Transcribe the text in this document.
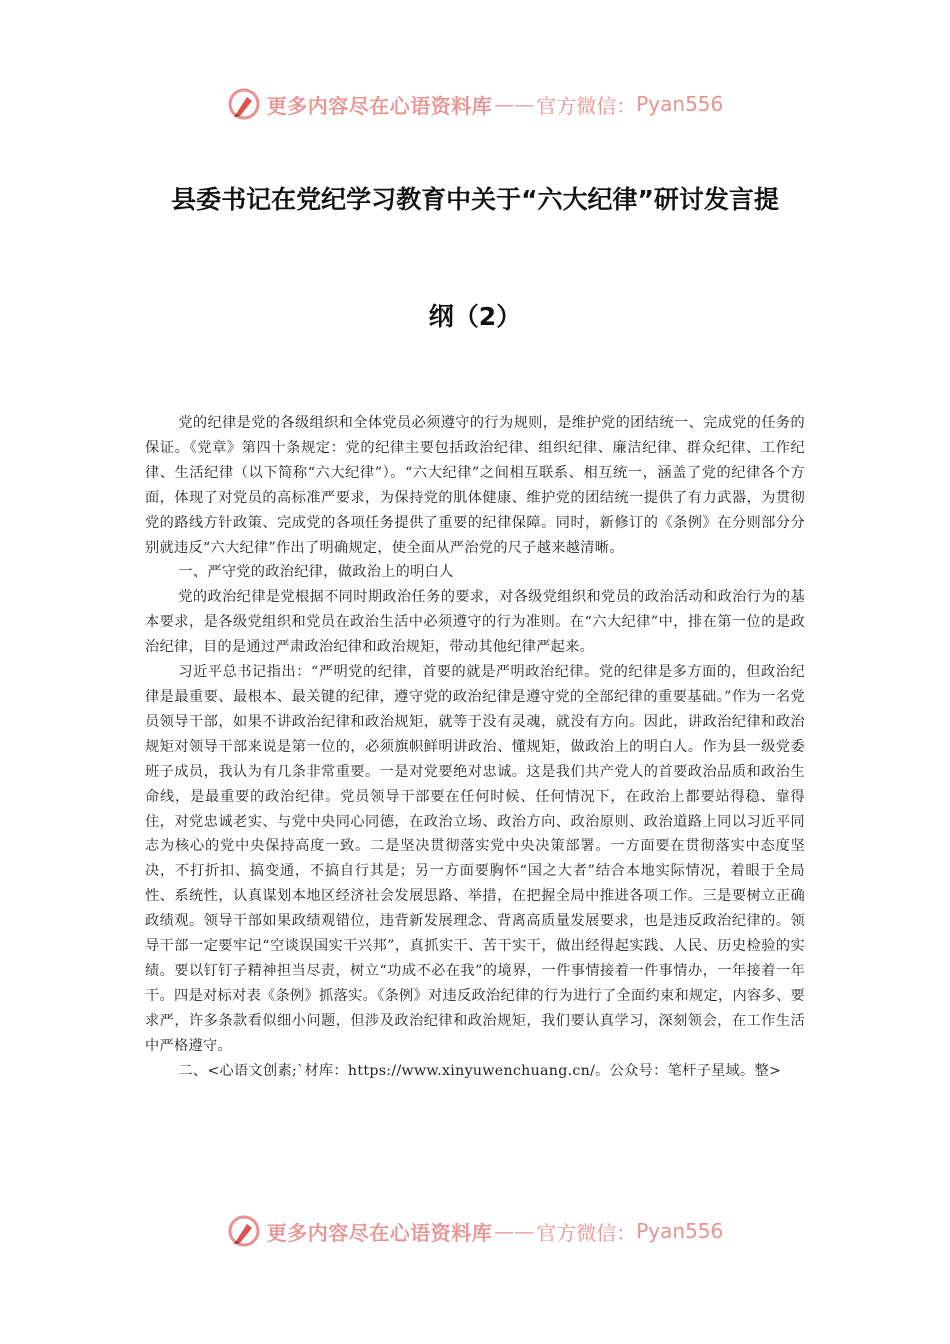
更多内容尽在心语资料库 —— 官方微信： Pyan556
县委书记在党纪学习教育中关于“六大纪律”研讨发言提
纲（2）

党的纪律是党的各级组织和全体党员必须遵守的行为规则，是维护党的团结统一、完成党的任务的保证。《党章》第四十条规定：党的纪律主要包括政治纪律、组织纪律、廉洁纪律、群众纪律、工作纪律、生活纪律（以下简称“六大纪律”）。“六大纪律”之间相互联系、相互统一，涵盖了党的纪律各个方面，体现了对党员的高标准严要求，为保持党的肌体健康、维护党的团结统一提供了有力武器，为贯彻党的路线方针政策、完成党的各项任务提供了重要的纪律保障。同时，新修订的《条例》在分则部分分别就违反“六大纪律”作出了明确规定，使全面从严治党的尺子越来越清晰。

一、严守党的政治纪律，做政治上的明白人

党的政治纪律是党根据不同时期政治任务的要求，对各级党组织和党员的政治活动和政治行为的基本要求，是各级党组织和党员在政治生活中必须遵守的行为准则。在“六大纪律”中，排在第一位的是政治纪律，目的是通过严肃政治纪律和政治规矩，带动其他纪律严起来。

习近平总书记指出：“严明党的纪律，首要的就是严明政治纪律。党的纪律是多方面的，但政治纪律是最重要、最根本、最关键的纪律，遵守党的政治纪律是遵守党的全部纪律的重要基础。”作为一名党员领导干部，如果不讲政治纪律和政治规矩，就等于没有灵魂，就没有方向。因此，讲政治纪律和政治规矩对领导干部来说是第一位的，必须旗帜鲜明讲政治、懂规矩，做政治上的明白人。作为县一级党委班子成员，我认为有几条非常重要。一是对党要绝对忠诚。这是我们共产党人的首要政治品质和政治生命线，是最重要的政治纪律。党员领导干部要在任何时候、任何情况下，在政治上都要站得稳、靠得住，对党忠诚老实、与党中央同心同德，在政治立场、政治方向、政治原则、政治道路上同以习近平同志为核心的党中央保持高度一致。二是坚决贯彻落实党中央决策部署。一方面要在贯彻落实中态度坚决，不打折扣、搞变通，不搞自行其是；另一方面要胸怀“国之大者”结合本地实际情况，着眼于全局性、系统性，认真谋划本地区经济社会发展思路、举措，在把握全局中推进各项工作。三是要树立正确政绩观。领导干部如果政绩观错位，违背新发展理念、背离高质量发展要求，也是违反政治纪律的。领导干部一定要牢记“空谈误国实干兴邦”，真抓实干、苦干实干，做出经得起实践、人民、历史检验的实绩。要以钉钉子精神担当尽责，树立“功成不必在我”的境界，一件事情接着一件事情办，一年接着一年干。四是对标对表《条例》抓落实。《条例》对违反政治纪律的行为进行了全面约束和规定，内容多、要求严，许多条款看似细小问题，但涉及政治纪律和政治规矩，我们要认真学习，深刻领会，在工作生活中严格遵守。

二、<心语文创素;`材库：https://www.xinyuwenchuang.cn/。公众号：笔杆子星域。整>

更多内容尽在心语资料库 —— 官方微信： Pyan556
